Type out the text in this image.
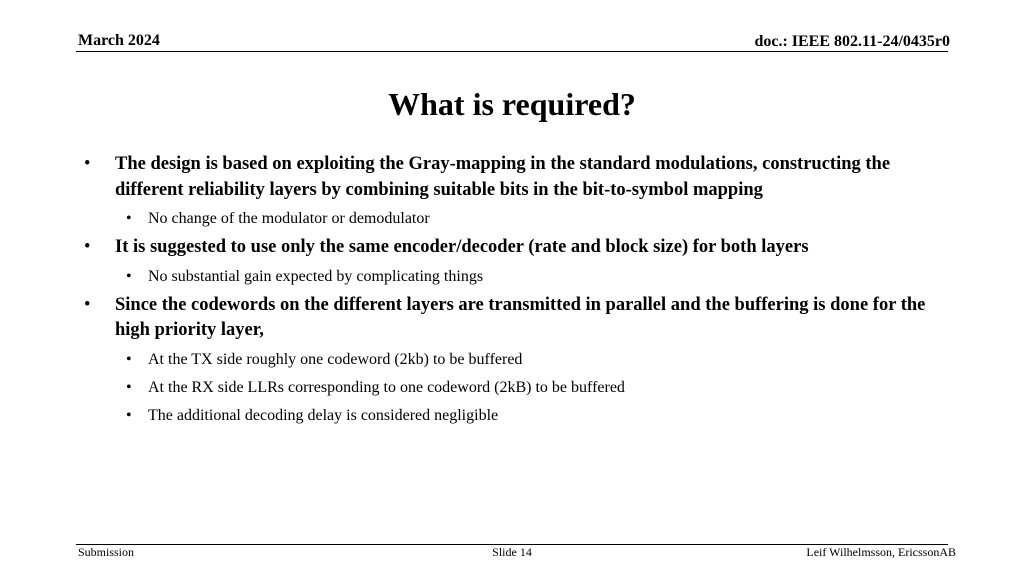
March 2024	doc.: IEEE 802.11-24/0435r0
What is required?
• The design is based on exploiting the Gray-mapping in the standard modulations, constructing the different reliability layers by combining suitable bits in the bit-to-symbol mapping
• No change of the modulator or demodulator
• It is suggested to use only the same encoder/decoder (rate and block size) for both layers
• No substantial gain expected by complicating things
• Since the codewords on the different layers are transmitted in parallel and the buffering is done for the high priority layer,
• At the TX side roughly one codeword (2kb) to be buffered
• At the RX side LLRs corresponding to one codeword (2kB) to be buffered
• The additional decoding delay is considered negligible
Submission	Slide 14	Leif Wilhelmsson, EricssonAB
